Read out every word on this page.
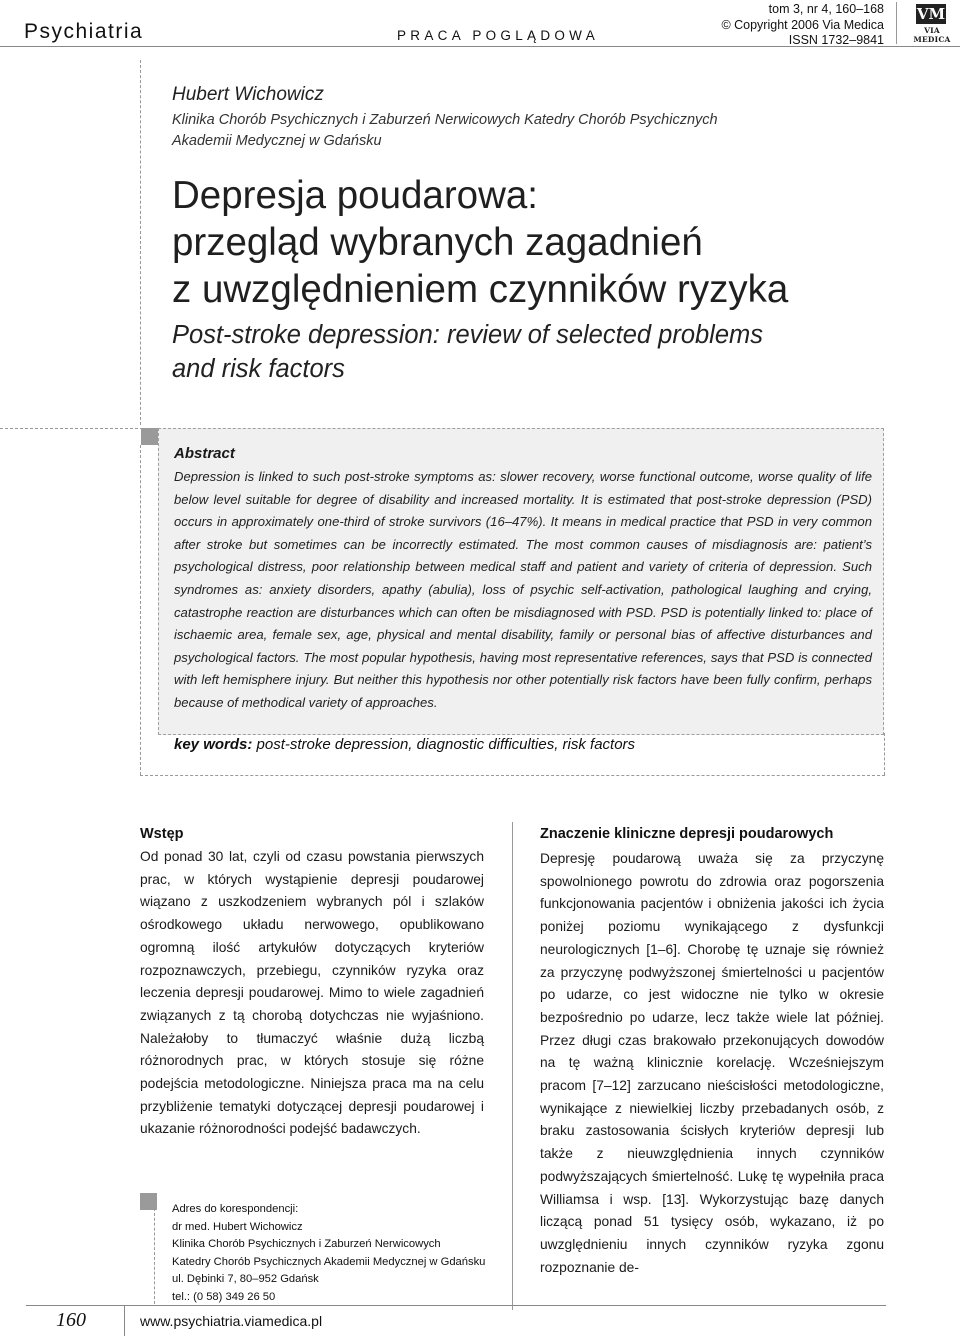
Psychiatria	PRACA POGLĄDOWA
tom 3, nr 4, 160–168
© Copyright 2006 Via Medica
ISSN 1732–9841
VM
VIA MEDICA
Hubert Wichowicz
Klinika Chorób Psychicznych i Zaburzeń Nerwicowych Katedry Chorób Psychicznych
Akademii Medycznej w Gdańsku
Depresja poudarowa:
przegląd wybranych zagadnień
z uwzględnieniem czynników ryzyka
Post-stroke depression: review of selected problems
and risk factors
Abstract
Depression is linked to such post-stroke symptoms as: slower recovery, worse functional outcome, worse quality of life below level suitable for degree of disability and increased mortality. It is estimated that post-stroke depression (PSD) occurs in approximately one-third of stroke survivors (16–47%). It means in medical practice that PSD in very common after stroke but sometimes can be incorrectly estimated. The most common causes of misdiagnosis are: patient’s psychological distress, poor relationship between medical staff and patient and variety of criteria of depression. Such syndromes as: anxiety disorders, apathy (abulia), loss of psychic self-activation, pathological laughing and crying, catastrophe reaction are disturbances which can often be misdiagnosed with PSD. PSD is potentially linked to: place of ischaemic area, female sex, age, physical and mental disability, family or personal bias of affective disturbances and psychological factors. The most popular hypothesis, having most representative references, says that PSD is connected with left hemisphere injury. But neither this hypothesis nor other potentially risk factors have been fully confirm, perhaps because of methodical variety of approaches.
key words: post-stroke depression, diagnostic difficulties, risk factors
Wstęp
Od ponad 30 lat, czyli od czasu powstania pierwszych prac, w których wystąpienie depresji poudarowej wiązano z uszkodzeniem wybranych pól i szlaków ośrodkowego układu nerwowego, opublikowano ogromną ilość artykułów dotyczących kryteriów rozpoznawczych, przebiegu, czynników ryzyka oraz leczenia depresji poudarowej. Mimo to wiele zagadnień związanych z tą chorobą dotychczas nie wyjaśniono. Należałoby to tłumaczyć właśnie dużą liczbą różnorodnych prac, w których stosuje się różne podejścia metodologiczne. Niniejsza praca ma na celu przybliżenie tematyki dotyczącej depresji poudarowej i ukazanie różnorodności podejść badawczych.
Znaczenie kliniczne depresji poudarowych
Depresję poudarową uważa się za przyczynę spowolnionego powrotu do zdrowia oraz pogorszenia funkcjonowania pacjentów i obniżenia jakości ich życia poniżej poziomu wynikającego z dysfunkcji neurologicznych [1–6]. Chorobę tę uznaje się również za przyczynę podwyższonej śmiertelności u pacjentów po udarze, co jest widoczne nie tylko w okresie bezpośrednio po udarze, lecz także wiele lat później. Przez długi czas brakowało przekonujących dowodów na tę ważną klinicznie korelację. Wcześniejszym pracom [7–12] zarzucano nieścisłości metodologiczne, wynikające z niewielkiej liczby przebadanych osób, z braku zastosowania ścisłych kryteriów depresji lub także z nieuwzględnienia innych czynników podwyższających śmiertelność. Lukę tę wypełniła praca Williamsa i wsp. [13]. Wykorzystując bazę danych liczącą ponad 51 tysięcy osób, wykazano, iż po uwzględnieniu innych czynników ryzyka zgonu rozpoznanie de-
Adres do korespondencji:
dr med. Hubert Wichowicz
Klinika Chorób Psychicznych i Zaburzeń Nerwicowych
Katedry Chorób Psychicznych Akademii Medycznej w Gdańsku
ul. Dębinki 7, 80–952 Gdańsk
tel.: (0 58) 349 26 50
160	www.psychiatria.viamedica.pl
